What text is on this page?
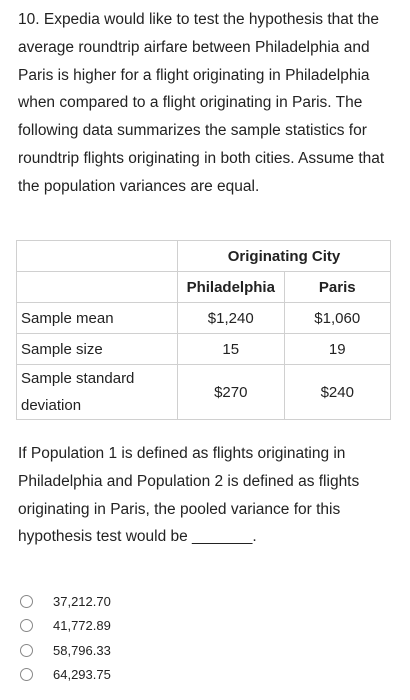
10. Expedia would like to test the hypothesis that the average roundtrip airfare between Philadelphia and Paris is higher for a flight originating in Philadelphia when compared to a flight originating in Paris. The following data summarizes the sample statistics for roundtrip flights originating in both cities. Assume that the population variances are equal.
	Originating City	
	Philadelphia	Paris
Sample mean	$1,240	$1,060
Sample size	15	19
Sample standard deviation	$270	$240
If Population 1 is defined as flights originating in Philadelphia and Population 2 is defined as flights originating in Paris, the pooled variance for this hypothesis test would be _______.
37,212.70
41,772.89
58,796.33
64,293.75
